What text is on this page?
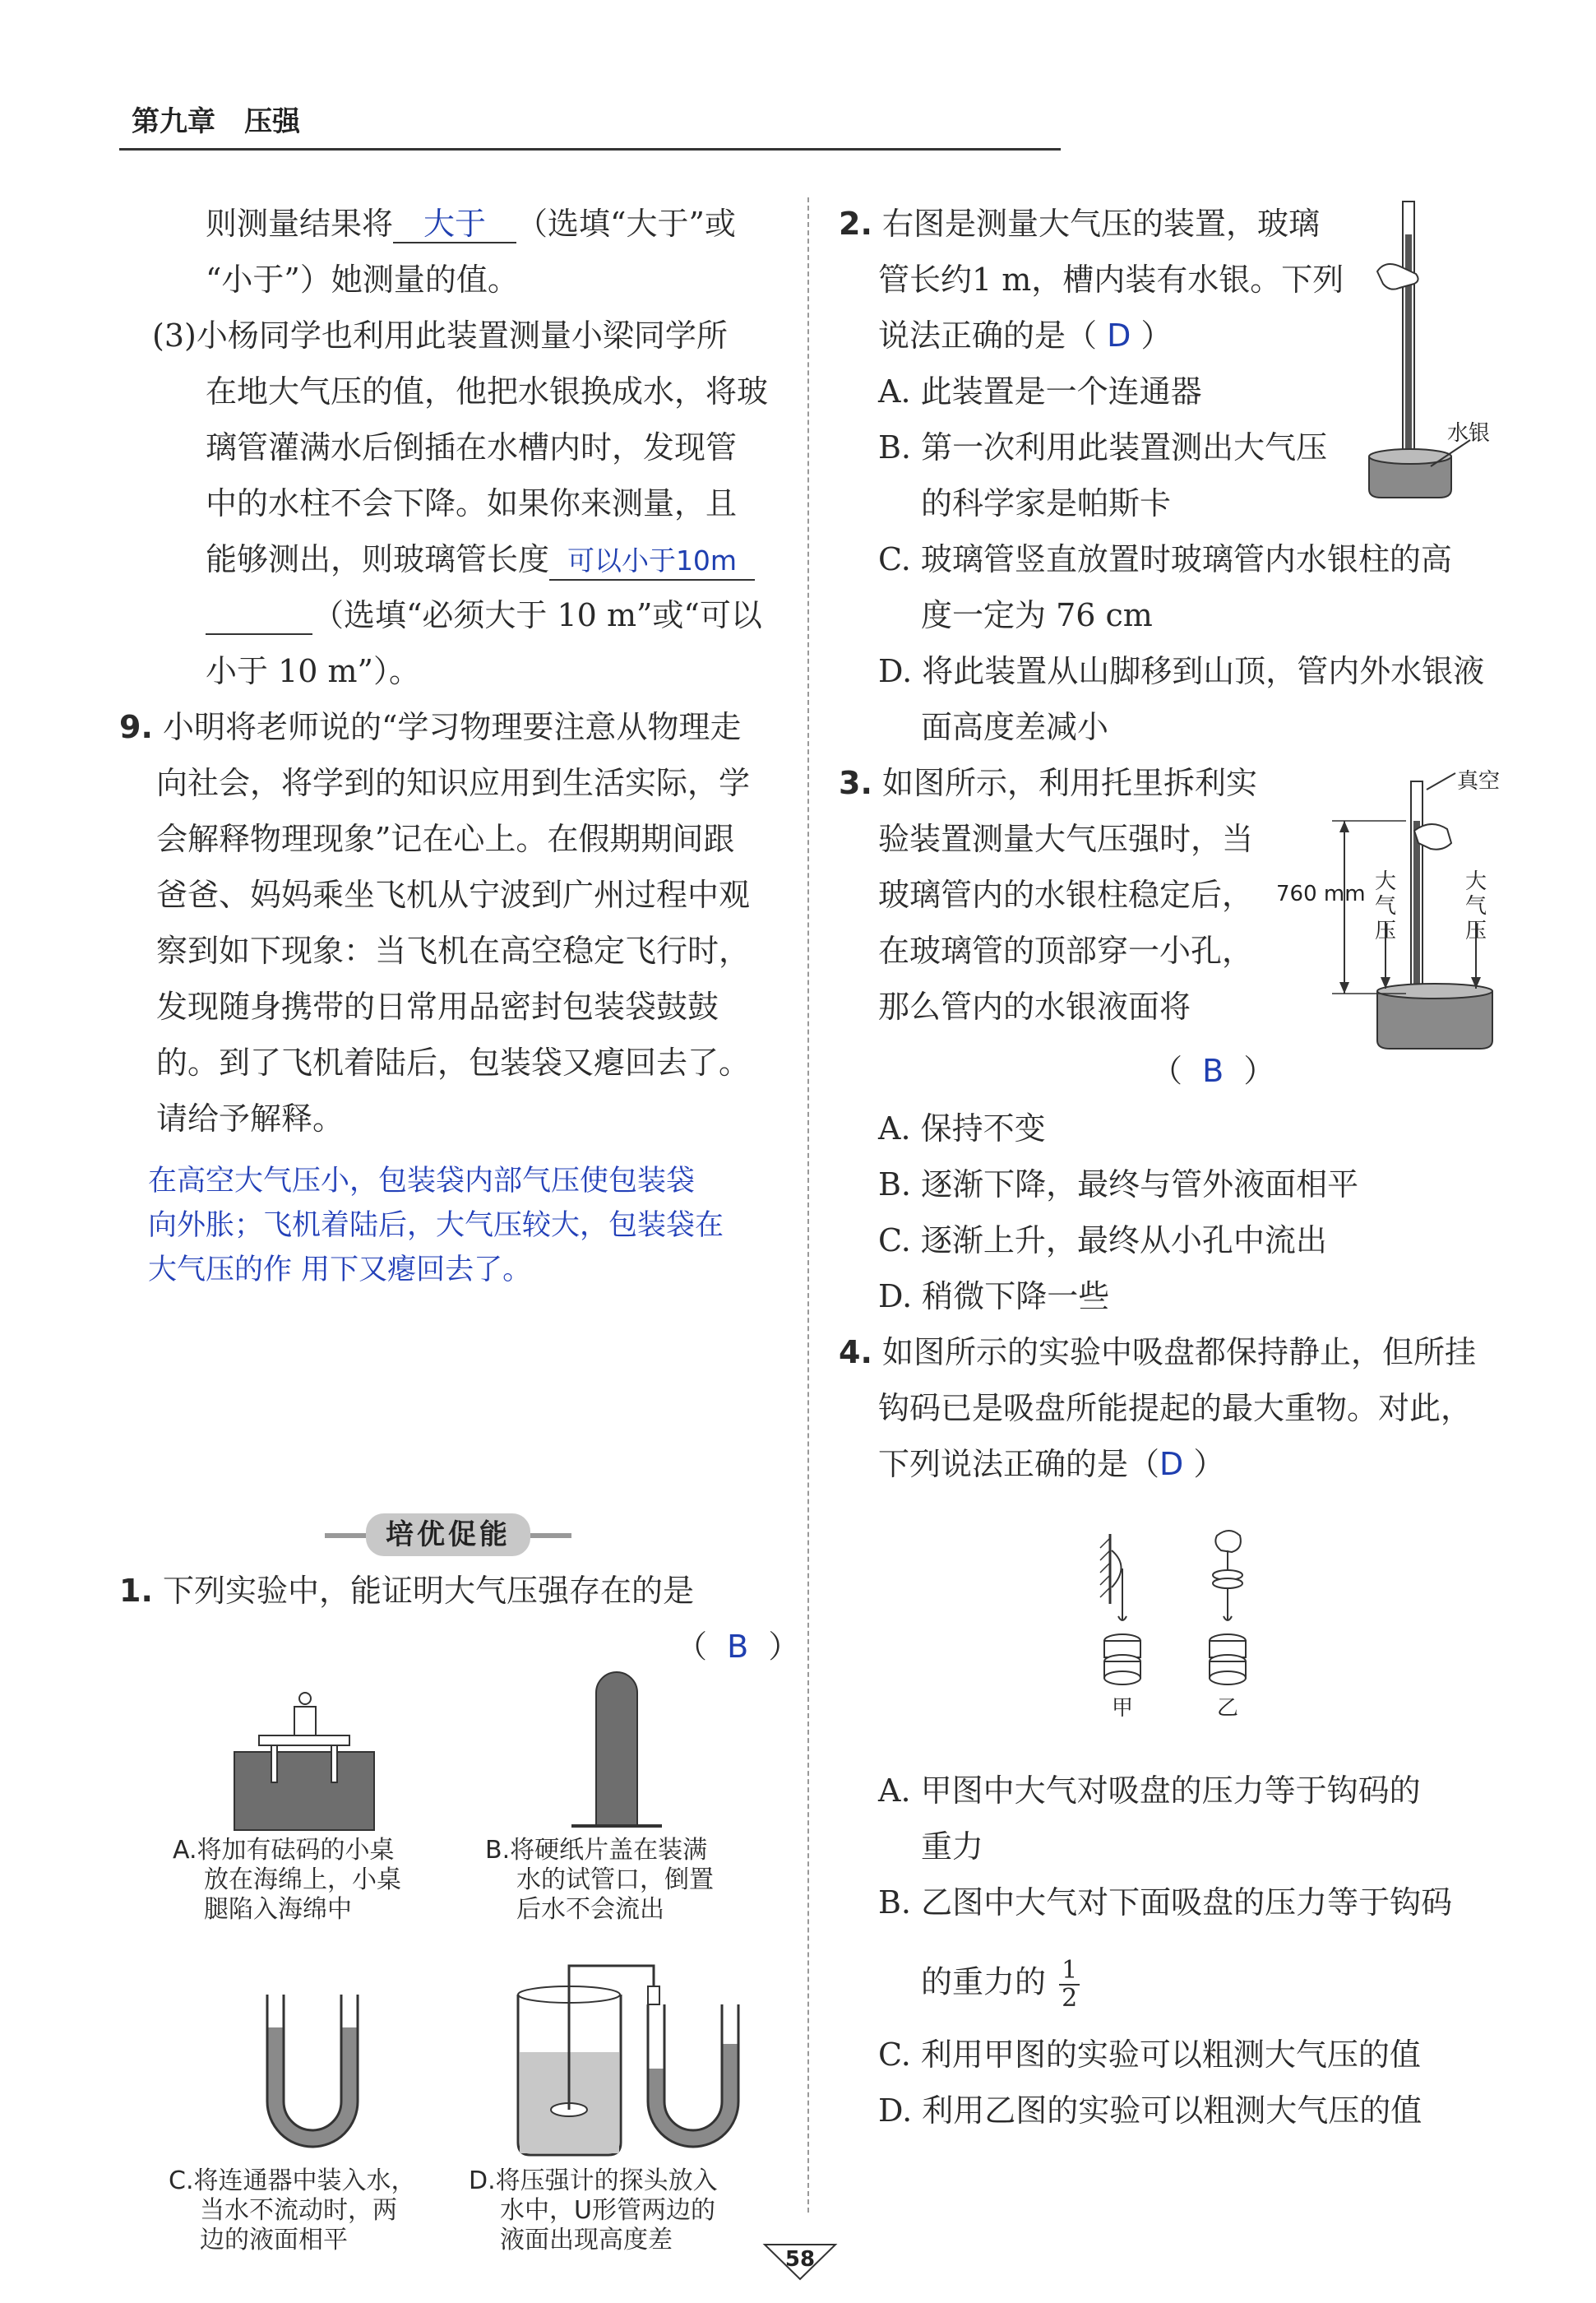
第九章 压强
则测量结果将 大于 （选填“大于”或
“小于”）她测量的值。
(3)小杨同学也利用此装置测量小梁同学所
在地大气压的值，他把水银换成水，将玻
璃管灌满水后倒插在水槽内时，发现管
中的水柱不会下降。如果你来测量，且
能够测出，则玻璃管长度 可以小于10m
（选填“必须大于 10 m”或“可以
小于 10 m”）。
9. 小明将老师说的“学习物理要注意从物理走
向社会，将学到的知识应用到生活实际，学
会解释物理现象”记在心上。在假期期间跟
爸爸、妈妈乘坐飞机从宁波到广州过程中观
察到如下现象：当飞机在高空稳定飞行时，
发现随身携带的日常用品密封包装袋鼓鼓
的。到了飞机着陆后，包装袋又瘪回去了。
请给予解释。
在高空大气压小，包装袋内部气压使包装袋
向外胀；飞机着陆后，大气压较大，包装袋在
大气压的作 用下又瘪回去了。
培优促能
1. 下列实验中，能证明大气压强存在的是
（  B  ）
A.将加有砝码的小桌
放在海绵上，小桌
腿陷入海绵中
B.将硬纸片盖在装满
水的试管口，倒置
后水不会流出
C.将连通器中装入水，
当水不流动时，两
边的液面相平
D.将压强计的探头放入
水中，U形管两边的
液面出现高度差
2. 右图是测量大气压的装置，玻璃
管长约1 m，槽内装有水银。下列
说法正确的是（ D ）
水银
A. 此装置是一个连通器
B. 第一次利用此装置测出大气压
的科学家是帕斯卡
C. 玻璃管竖直放置时玻璃管内水银柱的高
度一定为 76 cm
D. 将此装置从山脚移到山顶，管内外水银液
面高度差减小
3. 如图所示，利用托里拆利实
验装置测量大气压强时，当
玻璃管内的水银柱稳定后，
在玻璃管的顶部穿一小孔，
那么管内的水银液面将
（  B  ）
真空
760 mm 大
气
压
大
气
压
A. 保持不变
B. 逐渐下降，最终与管外液面相平
C. 逐渐上升，最终从小孔中流出
D. 稍微下降一些
4. 如图所示的实验中吸盘都保持静止，但所挂
钩码已是吸盘所能提起的最大重物。对此，
下列说法正确的是（D ）
甲	乙
A. 甲图中大气对吸盘的压力等于钩码的
重力
B. 乙图中大气对下面吸盘的压力等于钩码
的重力的 $\frac{1}{2}$
C. 利用甲图的实验可以粗测大气压的值
D. 利用乙图的实验可以粗测大气压的值
58
